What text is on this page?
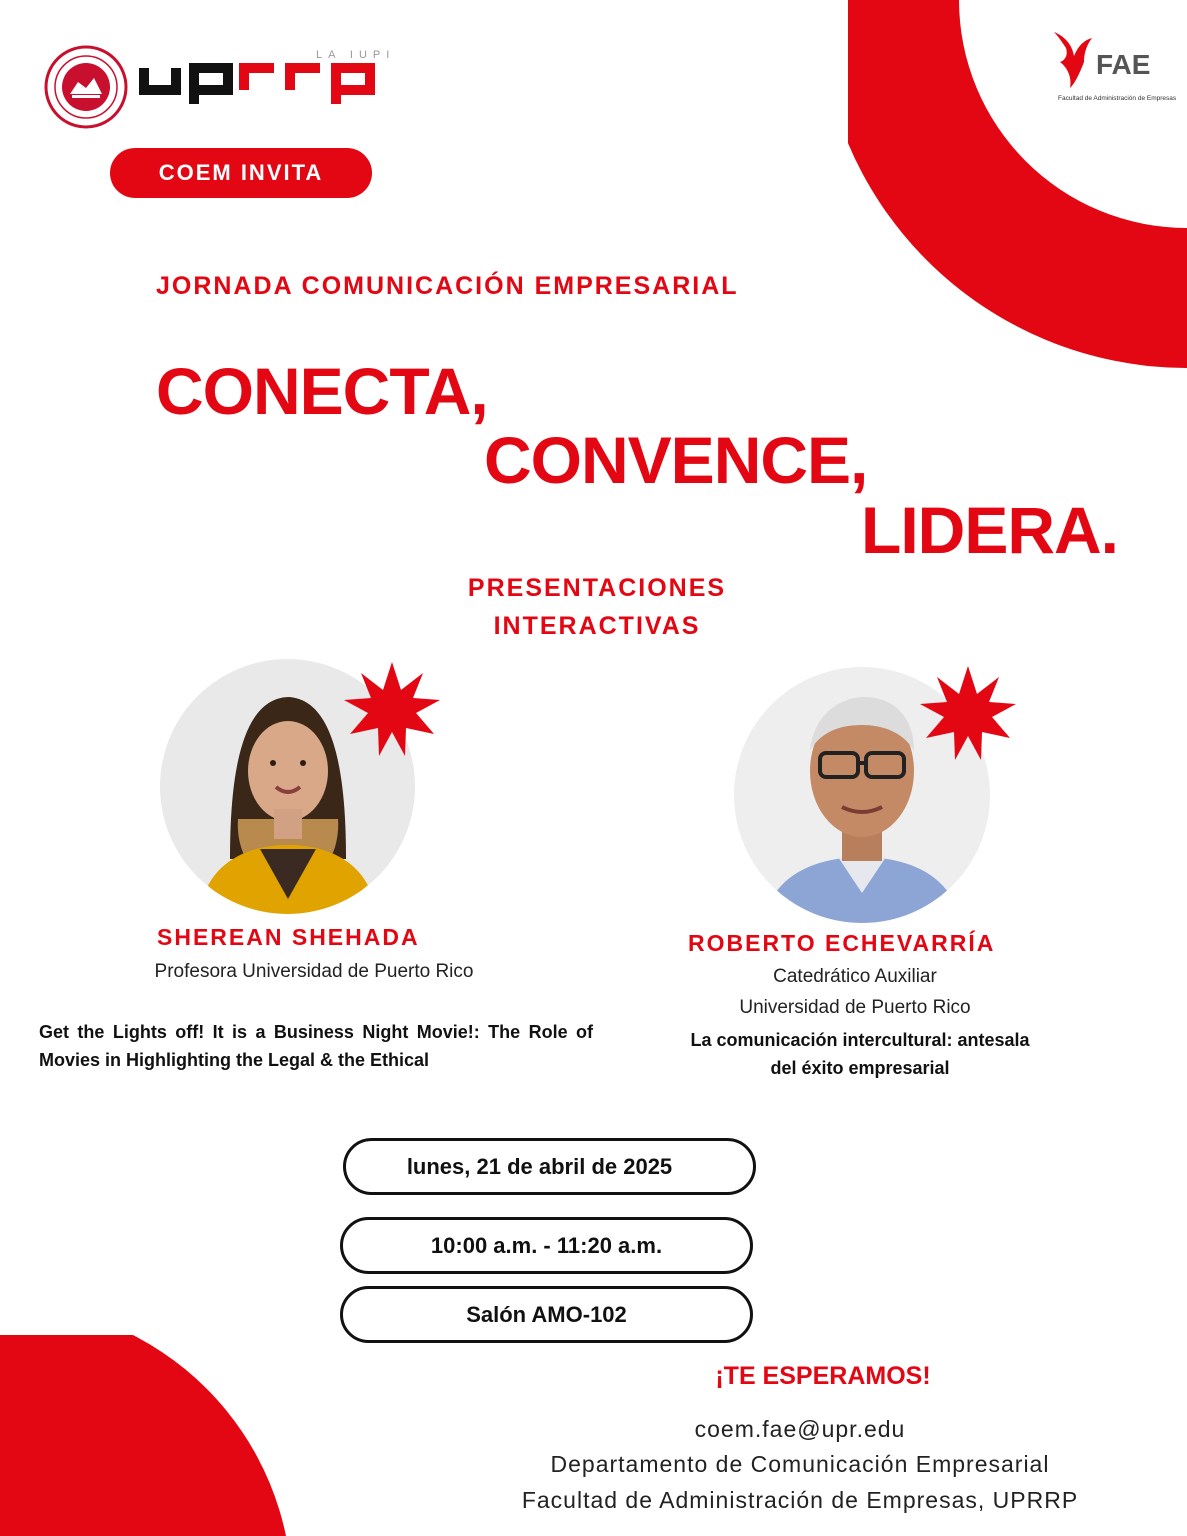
LA IUPI	FAE
Facultad de Administración de Empresas
COEM INVITA
JORNADA COMUNICACIÓN EMPRESARIAL
CONECTA,
CONVENCE,
LIDERA.
PRESENTACIONES
INTERACTIVAS
SHEREAN SHEHADA
Profesora Universidad de Puerto Rico
Get the Lights off! It is a Business Night Movie!: The Role of Movies in Highlighting the Legal & the Ethical
ROBERTO ECHEVARRÍA
Catedrático Auxiliar
Universidad de Puerto Rico
La comunicación intercultural: antesala
del éxito empresarial
lunes, 21 de abril de 2025
10:00 a.m. - 11:20 a.m.
Salón AMO-102
¡TE ESPERAMOS!
coem.fae@upr.edu
Departamento de Comunicación Empresarial
Facultad de Administración de Empresas, UPRRP
